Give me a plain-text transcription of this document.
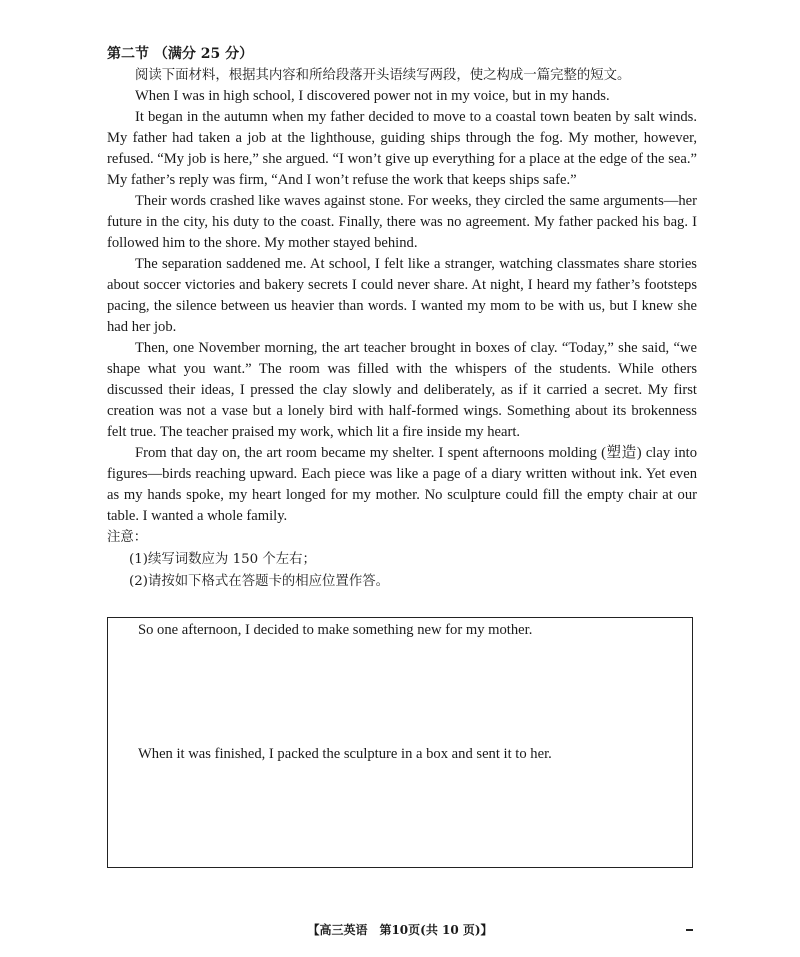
第二节 （满分 25 分）

阅读下面材料，根据其内容和所给段落开头语续写两段，使之构成一篇完整的短文。

When I was in high school, I discovered power not in my voice, but in my hands.

It began in the autumn when my father decided to move to a coastal town beaten by salt winds. My father had taken a job at the lighthouse, guiding ships through the fog. My mother, however, refused. “My job is here,” she argued. “I won’t give up everything for a place at the edge of the sea.” My father’s reply was firm, “And I won’t refuse the work that keeps ships safe.”

Their words crashed like waves against stone. For weeks, they circled the same arguments—her future in the city, his duty to the coast. Finally, there was no agreement. My father packed his bag. I followed him to the shore. My mother stayed behind.

The separation saddened me. At school, I felt like a stranger, watching classmates share stories about soccer victories and bakery secrets I could never share. At night, I heard my father’s footsteps pacing, the silence between us heavier than words. I wanted my mom to be with us, but I knew she had her job.

Then, one November morning, the art teacher brought in boxes of clay. “Today,” she said, “we shape what you want.” The room was filled with the whispers of the students. While others discussed their ideas, I pressed the clay slowly and deliberately, as if it carried a secret. My first creation was not a vase but a lonely bird with half-formed wings. Something about its brokenness felt true. The teacher praised my work, which lit a fire inside my heart.

From that day on, the art room became my shelter. I spent afternoons molding (塑造) clay into figures—birds reaching upward. Each piece was like a page of a diary written without ink. Yet even as my hands spoke, my heart longed for my mother. No sculpture could fill the empty chair at our table. I wanted a whole family.

注意：

(1)续写词数应为 150 个左右；

(2)请按如下格式在答题卡的相应位置作答。

So one afternoon, I decided to make something new for my mother.
When it was finished, I packed the sculpture in a box and sent it to her.
【高三英语　第10页(共 10 页)】
